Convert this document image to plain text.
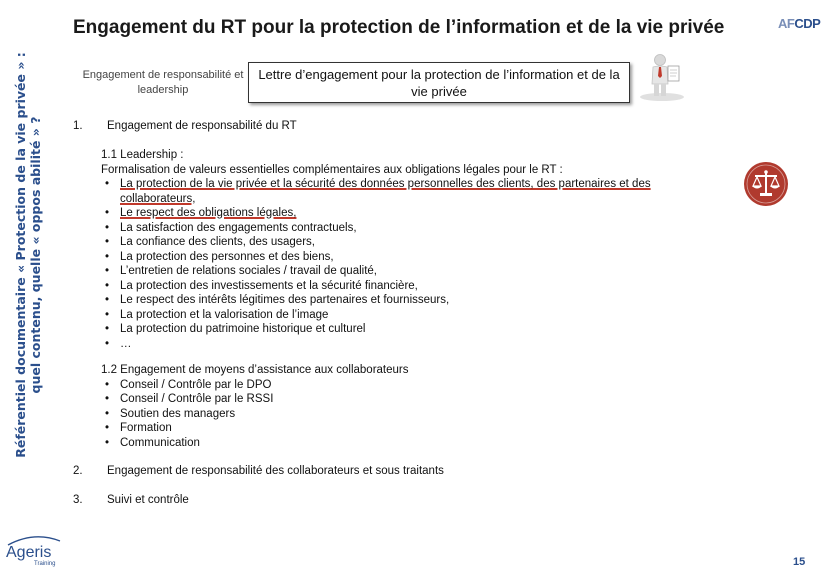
Référentiel documentaire « Protection de la vie privée » : quel contenu, quelle « oppos abilité » ?
Engagement du RT pour la protection de l’information et de la vie privée	AFCDP
Engagement de responsabilité et leadership
Lettre d’engagement pour la protection de l’information et de la vie privée
1. Engagement de responsabilité du RT

1.1 Leadership :

Formalisation de valeurs essentielles complémentaires aux obligations légales pour le RT :

• La protection de la vie privée et la sécurité des données personnelles des clients, des partenaires et des collaborateurs,
• Le respect des obligations légales,
• La satisfaction des engagements contractuels,
• La confiance des clients, des usagers,
• La protection des personnes et des biens,
• L’entretien de relations sociales / travail de qualité,
• La protection des investissements et la sécurité financière,
• Le respect des intérêts légitimes des partenaires et fournisseurs,
• La protection et la valorisation de l’image
• La protection du patrimoine historique et culturel
• …

1.2 Engagement de moyens d’assistance aux collaborateurs

• Conseil / Contrôle par le DPO
• Conseil / Contrôle par le RSSI
• Soutien des managers
• Formation
• Communication
2. Engagement de responsabilité des collaborateurs et sous traitants
3. Suivi et contrôle
Ageris
Training	15
